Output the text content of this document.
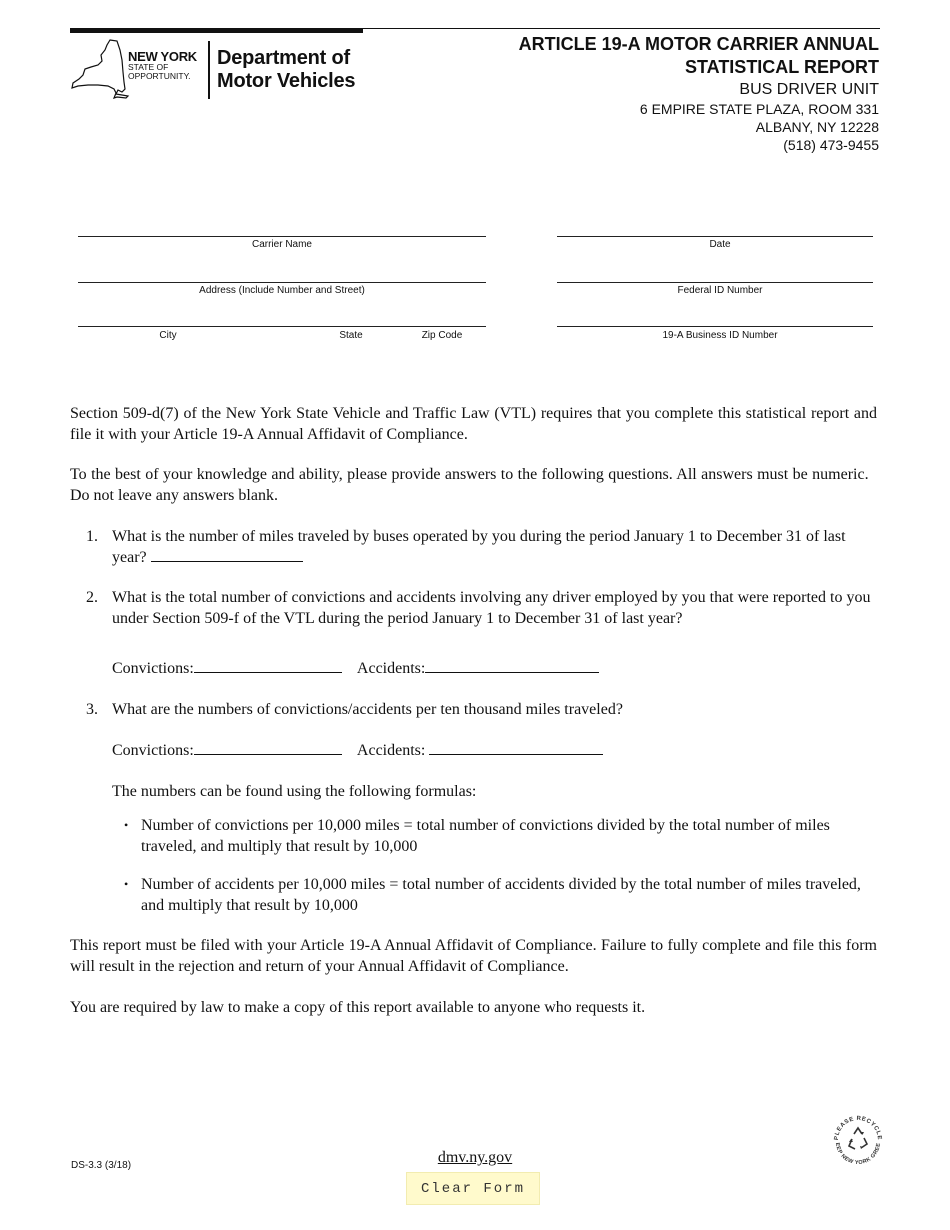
NEW YORK
STATE OF
OPPORTUNITY.
Department of
Motor Vehicles
ARTICLE 19-A MOTOR CARRIER ANNUAL
STATISTICAL REPORT
BUS DRIVER UNIT
6 EMPIRE STATE PLAZA, ROOM 331
ALBANY, NY 12228
(518) 473-9455
Carrier Name
Address (Include Number and Street)
City	State	Zip Code
Date
Federal ID Number
19-A Business ID Number
Section 509-d(7) of the New York State Vehicle and Traffic Law (VTL) requires that you complete this statistical report and file it with your Article 19-A Annual Affidavit of Compliance.
To the best of your knowledge and ability, please provide answers to the following questions. All answers must be numeric.   Do not leave any answers blank.
1. What is the number of miles traveled by buses operated by you during the period January 1 to December 31 of last year?
2. What is the total number of convictions and accidents involving any driver employed by you that were reported to you under Section 509-f of the VTL during the period January 1 to December 31 of last year?
Convictions:	Accidents:
3. What are the numbers of convictions/accidents per ten thousand miles traveled?
Convictions:	Accidents:
The numbers can be found using the following formulas:
• Number of convictions per 10,000 miles = total number of convictions divided by the total number of miles traveled, and multiply that result by 10,000
• Number of accidents per 10,000 miles = total number of accidents divided by the total number of miles traveled, and multiply that result by 10,000
This report must be filed with your Article 19-A Annual Affidavit of Compliance. Failure to fully complete and file this form will result in the rejection and return of your Annual Affidavit of Compliance.
You are required by law to make a copy of this report available to anyone who requests it.
DS-3.3 (3/18)	dmv.ny.gov
Clear Form
PLEASE RECYCLE
EEP NEW YORK GREE
